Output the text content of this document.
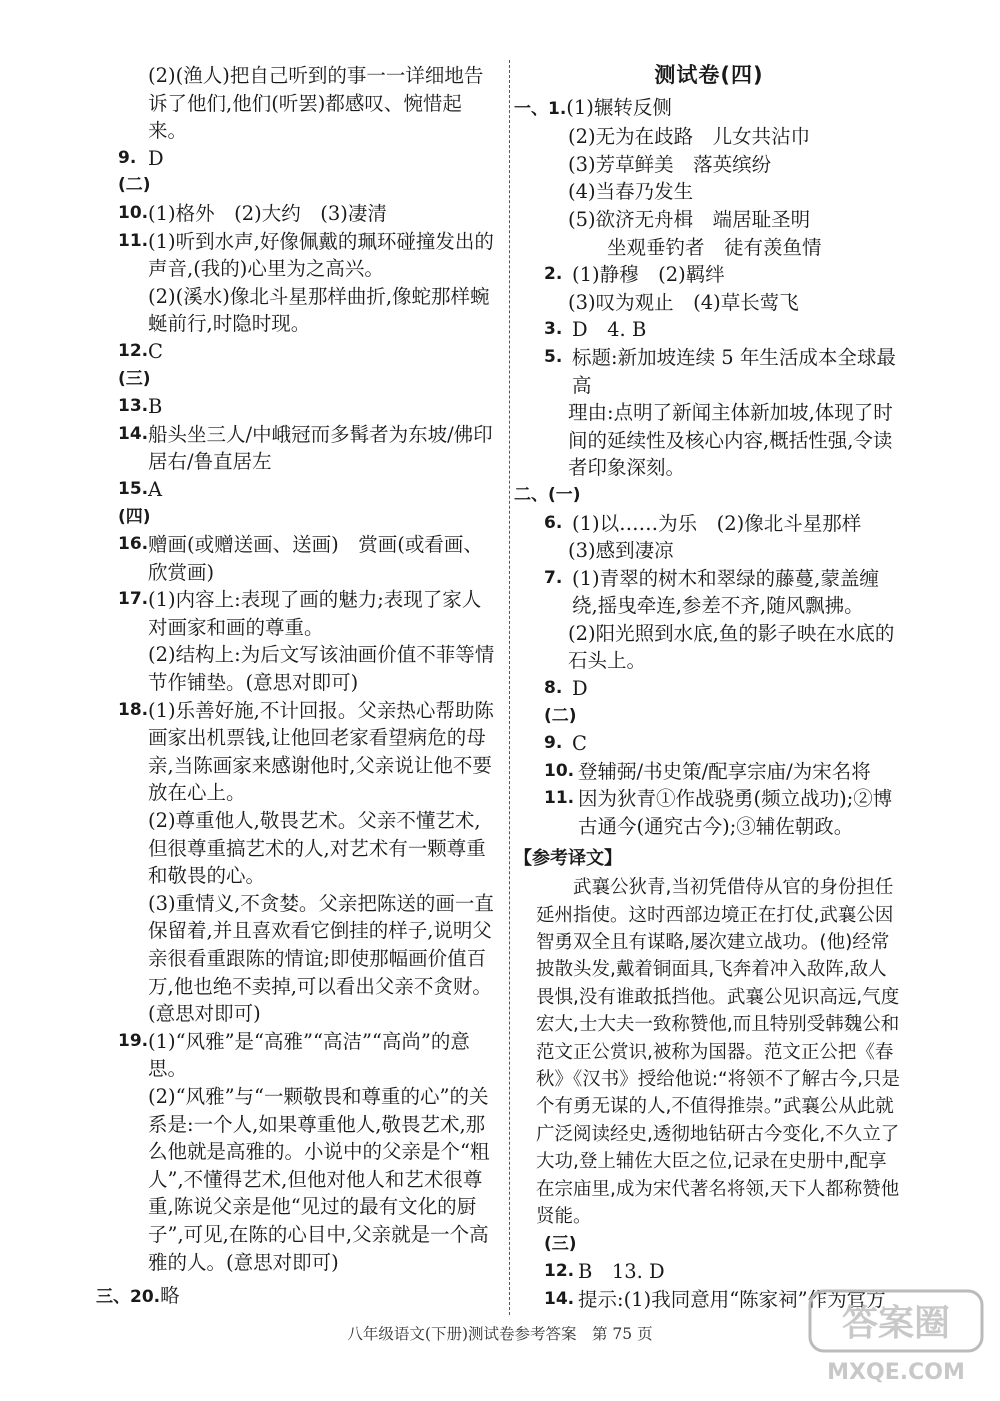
(2)(渔人)把自己听到的事一一详细地告诉了他们,他们(听罢)都感叹、惋惜起来。

9. D

(二)

10. (1)格外　(2)大约　(3)凄清

11. (1)听到水声,好像佩戴的珮环碰撞发出的声音,(我的)心里为之高兴。

(2)(溪水)像北斗星那样曲折,像蛇那样蜿蜒前行,时隐时现。

12. C

(三)

13. B

14. 船头坐三人/中峨冠而多髯者为东坡/佛印居右/鲁直居左

15. A

(四)

16. 赠画(或赠送画、送画)　赏画(或看画、欣赏画)

17. (1)内容上:表现了画的魅力;表现了家人对画家和画的尊重。

(2)结构上:为后文写该油画价值不菲等情节作铺垫。(意思对即可)

18. (1)乐善好施,不计回报。父亲热心帮助陈画家出机票钱,让他回老家看望病危的母亲,当陈画家来感谢他时,父亲说让他不要放在心上。

(2)尊重他人,敬畏艺术。父亲不懂艺术,但很尊重搞艺术的人,对艺术有一颗尊重和敬畏的心。

(3)重情义,不贪婪。父亲把陈送的画一直保留着,并且喜欢看它倒挂的样子,说明父亲很看重跟陈的情谊;即使那幅画价值百万,他也绝不卖掉,可以看出父亲不贪财。(意思对即可)

19. (1)“风雅”是“高雅”“高洁”“高尚”的意思。

(2)“风雅”与“一颗敬畏和尊重的心”的关系是:一个人,如果尊重他人,敬畏艺术,那么他就是高雅的。小说中的父亲是个“粗人”,不懂得艺术,但他对他人和艺术很尊重,陈说父亲是他“见过的最有文化的厨子”,可见,在陈的心目中,父亲就是一个高雅的人。(意思对即可)

三、20.略

测试卷(四)

一、1.(1)辗转反侧

(2)无为在歧路　儿女共沾巾

(3)芳草鲜美　落英缤纷

(4)当春乃发生

(5)欲济无舟楫　端居耻圣明

　　坐观垂钓者　徒有羡鱼情

2. (1)静穆　(2)羁绊

(3)叹为观止　(4)草长莺飞

3. D　4. B

5. 标题:新加坡连续 5 年生活成本全球最高

理由:点明了新闻主体新加坡,体现了时间的延续性及核心内容,概括性强,令读者印象深刻。

二、(一)

6. (1)以……为乐　(2)像北斗星那样

(3)感到凄凉

7. (1)青翠的树木和翠绿的藤蔓,蒙盖缠绕,摇曳牵连,参差不齐,随风飘拂。

(2)阳光照到水底,鱼的影子映在水底的石头上。

8. D

(二)

9. C

10. 登辅弼/书史策/配享宗庙/为宋名将

11. 因为狄青①作战骁勇(频立战功);②博古通今(通究古今);③辅佐朝政。

【参考译文】

　　武襄公狄青,当初凭借侍从官的身份担任延州指使。这时西部边境正在打仗,武襄公因智勇双全且有谋略,屡次建立战功。(他)经常披散头发,戴着铜面具,飞奔着冲入敌阵,敌人畏惧,没有谁敢抵挡他。武襄公见识高远,气度宏大,士大夫一致称赞他,而且特别受韩魏公和范文正公赏识,被称为国器。范文正公把《春秋》《汉书》授给他说:“将领不了解古今,只是个有勇无谋的人,不值得推崇。”武襄公从此就广泛阅读经史,透彻地钻研古今变化,不久立了大功,登上辅佐大臣之位,记录在史册中,配享在宗庙里,成为宋代著名将领,天下人都称赞他贤能。

(三)

12. B　13. D

14. 提示:(1)我同意用“陈家祠”作为官方

八年级语文(下册)测试卷参考答案　第 75 页	答案圈
MXQE.COM
